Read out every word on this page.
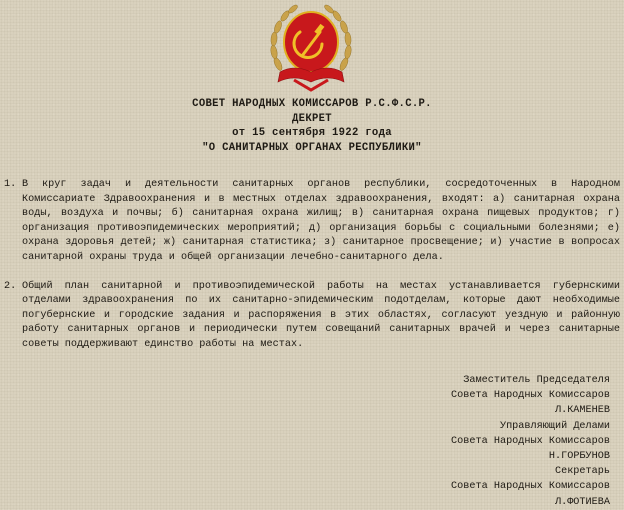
СОВЕТ НАРОДНЫХ КОМИССАРОВ Р.С.Ф.С.Р.
ДЕКРЕТ
от 15 сентября 1922 года
"О САНИТАРНЫХ ОРГАНАХ РЕСПУБЛИКИ"
1. В круг задач и деятельности санитарных органов республики, сосредоточенных в Народном Комиссариате Здравоохранения и в местных отделах здравоохранения, входят: а) санитарная охрана воды, воздуха и почвы; б) санитарная охрана жилищ; в) санитарная охрана пищевых продуктов; г) организация противоэпидемических мероприятий; д) организация борьбы с социальными болезнями; е) охрана здоровья детей; ж) санитарная статистика; з) санитарное просвещение; и) участие в вопросах санитарной охраны труда и общей организации лечебно-санитарного дела.
2. Общий план санитарной и противоэпидемической работы на местах устанавливается губернскими отделами здравоохранения по их санитарно-эпидемическим подотделам, которые дают необходимые погубернские и городские задания и распоряжения в этих областях, согласуют уездную и районную работу санитарных органов и периодически путем совещаний санитарных врачей и через санитарные советы поддерживают единство работы на местах.
Заместитель Председателя
Совета Народных Комиссаров
Л.КАМЕНЕВ
Управляющий Делами
Совета Народных Комиссаров
Н.ГОРБУНОВ
Секретарь
Совета Народных Комиссаров
Л.ФОТИЕВА
